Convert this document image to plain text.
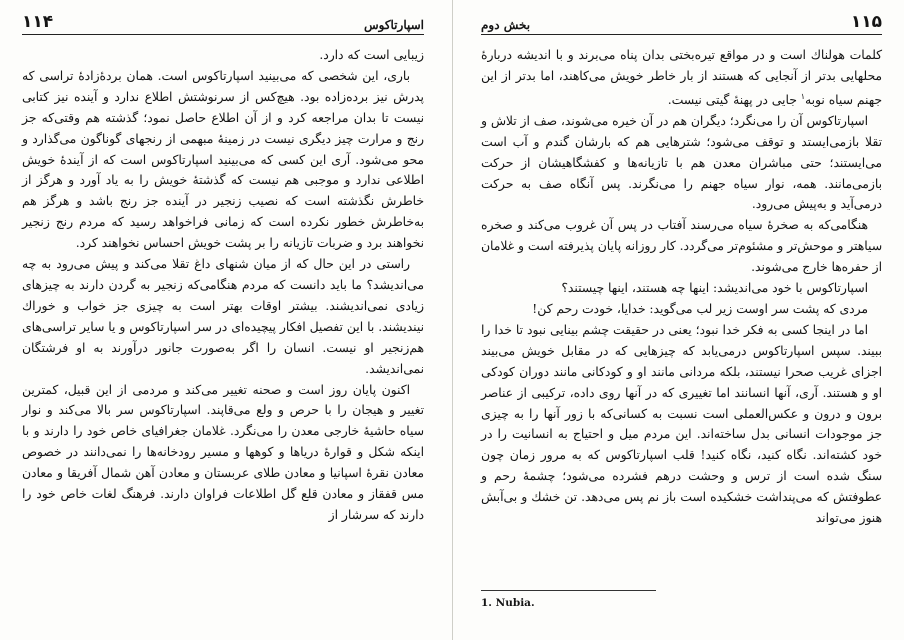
اسپارتاکوس
۱۱۴

زیبایی است که دارد.

بارى، اين شخصى كه مى‌بينيد اسپارتاكوس است. همان بردهٔ‌زادهٔ تراسى كه پدرش نيز برده‌زاده بود. هيچ‌كس از سرنوشتش اطلاع ندارد و آينده نيز كتابى نيست تا بدان مراجعه كرد و از آن اطلاع حاصل نمود؛ گذشته هم وقتى‌كه جز رنج و مرارت چيز ديگرى نيست در زمينهٔ مبهمى از رنجهاى گوناگون مى‌گذارد و محو مى‌شود. آرى اين كسى كه مى‌بينيد اسپارتاكوس است كه از آيندهٔ خويش اطلاعى ندارد و موجبى هم نيست كه گذشتهٔ خويش را به ياد آورد و هرگز از خاطرش نگذشته است كه نصيب زنجير در آينده جز رنج باشد و هرگز هم به‌خاطرش خطور نكرده است كه زمانى فراخواهد رسيد كه مردم رنج زنجير نخواهند برد و ضربات تازيانه را بر پشت خويش احساس نخواهند كرد.

راستى در اين حال كه از ميان شنهاى داغ تقلا مى‌كند و پيش مى‌رود به چه مى‌انديشد؟ ما بايد دانست كه مردم هنگامى‌كه زنجير به گردن دارند به چيزهاى زيادى نمى‌انديشند. بيشتر اوقات بهتر است به چيزى جز خواب و خوراك نينديشند. با اين تفصيل افكار پيچيده‌اى در سر اسپارتاكوس و يا ساير تراسى‌هاى هم‌زنجير او نيست. انسان را اگر به‌صورت جانور درآورند به او فرشتگان نمى‌انديشد.

اكنون پايان روز است و صحنه تغيير مى‌كند و مردمى از اين قبيل، كمترين تغيير و هيجان را با حرص و ولع مى‌قاپند. اسپارتاكوس سر بالا مى‌كند و نوار سياه حاشيهٔ خارجى معدن را مى‌نگرد. غلامان جغرافياى خاص خود را دارند و با اينكه شكل و قوارهٔ درياها و كوهها و مسير رودخانه‌ها را نمى‌دانند در خصوص معادن نقرهٔ اسپانيا و معادن طلاى عربستان و معادن آهن شمال آفريقا و معادن مس قفقاز و معادن قلع گل اطلاعات فراوان دارند. فرهنگ لغات خاص خود را دارند كه سرشار از

۱۱۵
بخش دوم

كلمات هولناك است و در مواقع تيره‌بختى بدان پناه مى‌برند و با انديشه دربارهٔ محلهايى بدتر از آنجايى كه هستند از بار خاطر خويش مى‌كاهند، اما بدتر از اين جهنم سياه نوبه$^۱$ جايى در پهنهٔ گيتى نيست.

اسپارتاكوس آن را مى‌نگرد؛ ديگران هم در آن خيره مى‌شوند، صف از تلاش و تقلا بازمى‌ايستد و توقف مى‌شود؛ شترهايى هم كه بارشان گندم و آب است مى‌ايستند؛ حتى مباشران معدن هم با تازيانه‌ها و كفشگاهيشان از حركت بازمى‌مانند. همه، نوار سياه جهنم را مى‌نگرند. پس آنگاه صف به حركت درمى‌آيد و به‌پيش مى‌رود.

هنگامى‌كه به صخرهٔ سياه مى‌رسند آفتاب در پس آن غروب مى‌كند و صخره سياهتر و موحش‌تر و مشئوم‌تر مى‌گردد. كار روزانه پايان پذيرفته است و غلامان از حفره‌ها خارج مى‌شوند.

اسپارتاكوس با خود مى‌انديشد: اينها چه هستند، اينها چيستند؟

مردى كه پشت سر اوست زير لب مى‌گويد: خدايا، خودت رحم كن!

اما در اينجا كسى به فكر خدا نبود؛ يعنى در حقيقت چشم بينايى نبود تا خدا را ببيند. سپس اسپارتاكوس درمى‌يابد كه چيزهايى كه در مقابل خويش مى‌بيند اجزاى غريب صحرا نيستند، بلكه مردانى مانند او و كودكانى مانند دوران كودكى او و هستند. آرى، آنها انسانند اما تغييرى كه در آنها روى داده، تركيبى از عناصر برون و درون و عكس‌العملى است نسبت به كسانى‌كه با زور آنها را به چيزى جز موجودات انسانى بدل ساخته‌اند. اين مردم ميل و احتياج به انسانيت را در خود كشته‌اند. نگاه كنيد، نگاه كنيد! قلب اسپارتاكوس كه به مرور زمان چون سنگ شده است از ترس و وحشت درهم فشرده مى‌شود؛ چشمهٔ رحم و عطوفتش كه مى‌پنداشت خشكيده است باز نم پس مى‌دهد. تن خشك و بى‌آبش هنوز مى‌تواند

1. Nubia.
